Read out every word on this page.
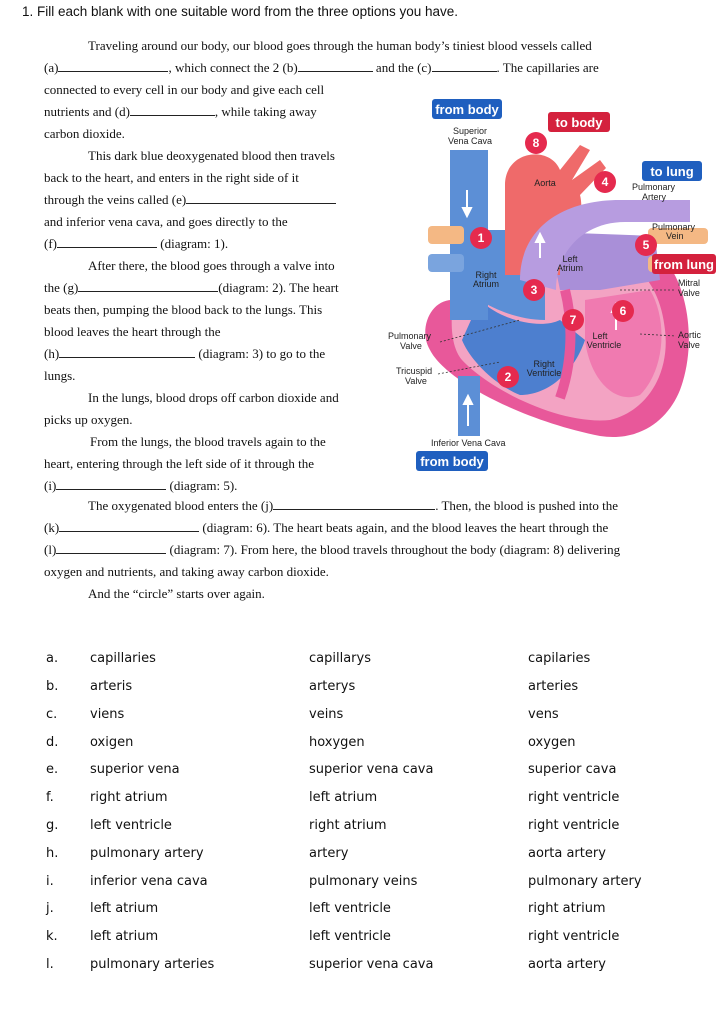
1. Fill each blank with one suitable word from the three options you have.
Traveling around our body, our blood goes through the human body’s tiniest blood vessels called
(a)	, which connect the 2 (b)	and the (c)	. The capillaries are
connected to every cell in our body and give each cell
nutrients and (d)	, while taking away
carbon dioxide.
This dark blue deoxygenated blood then travels
back to the heart, and enters in the right side of it
through the veins called (e)
and inferior vena cava, and goes directly to the
(f)	(diagram: 1).
After there, the blood goes through a valve into
the (g)	(diagram: 2). The heart
beats then, pumping the blood back to the lungs. This
blood leaves the heart through the
(h)	(diagram: 3) to go to the
lungs.
In the lungs, blood drops off carbon dioxide and
picks up oxygen.
From the lungs, the blood travels again to the
heart, entering through the left side of it through the
(i)	(diagram: 5).
The oxygenated blood enters the (j)	. Then, the blood is pushed into the
(k)	(diagram: 6). The heart beats again, and the blood leaves the heart through the
(l)	(diagram: 7). From here, the blood travels throughout the body (diagram: 8) delivering
oxygen and nutrients, and taking away carbon dioxide.
And the “circle” starts over again.
from body
to body
to lung
from lung
from body
Superior
Vena Cava
Aorta	Pulmonary
Artery
Pulmonary
Vein
Left
Atrium
Right
Atrium	Mitral
Valve
Aortic
Valve
Pulmonary
Valve
Left
Ventricle
Right
Ventricle
Tricuspid
Valve
Inferior Vena Cava
1
2
3
4
5
6
7
8
a. capillaries	capillarys	capilaries
b. arteris	arterys	arteries
c.	viens	veins	vens
d. oxigen	hoxygen	oxygen
e. superior vena	superior vena cava	superior cava
f.	right atrium	left atrium	right ventricle
g. left ventricle	right atrium	right ventricle
h. pulmonary artery	artery	aorta artery
i.	inferior vena cava	pulmonary veins	pulmonary artery
j.	left atrium	left ventricle	right atrium
k. left atrium	left ventricle	right ventricle
l.	pulmonary arteries	superior vena cava	aorta artery
